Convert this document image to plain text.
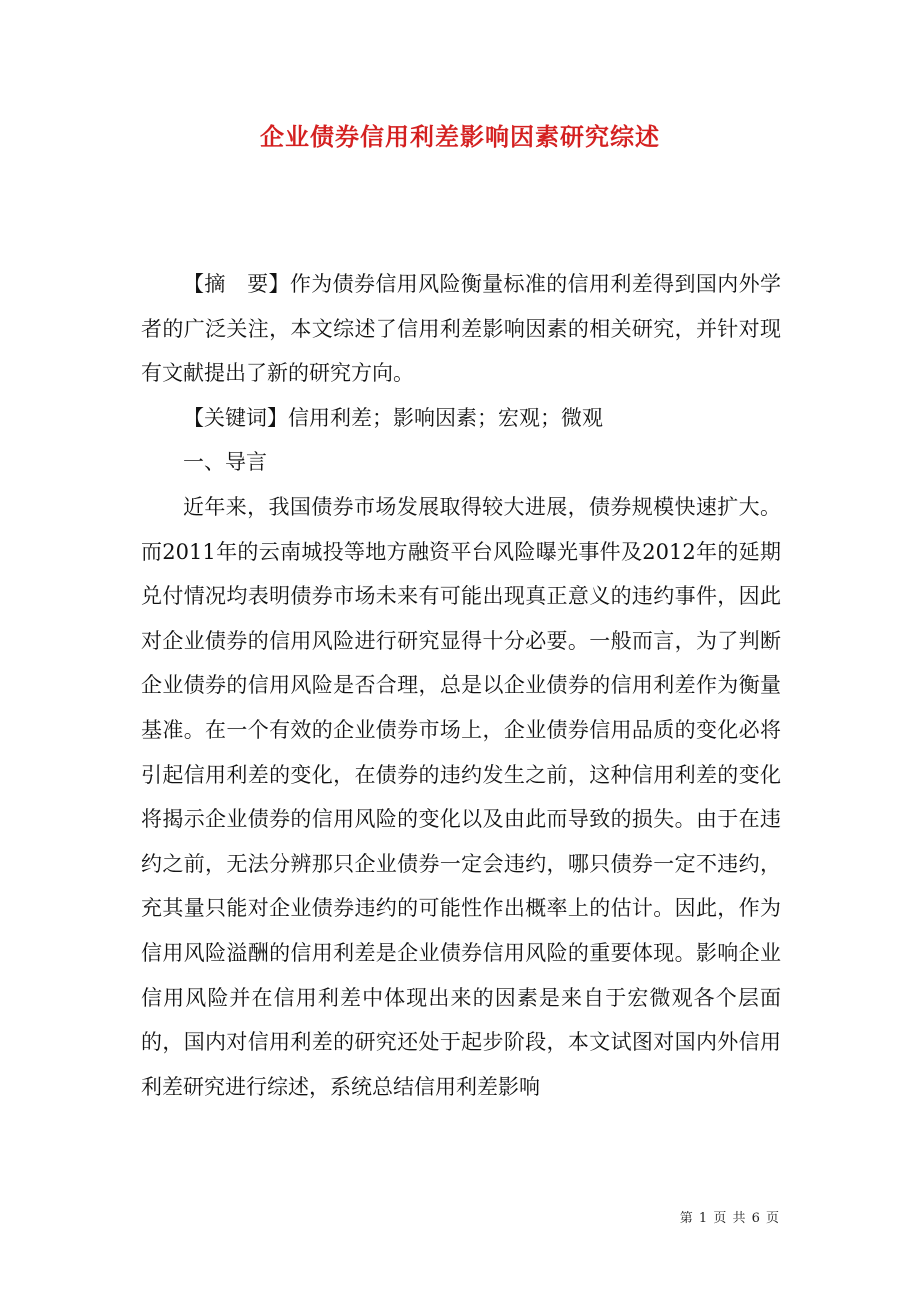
企业债券信用利差影响因素研究综述

【摘　要】作为债券信用风险衡量标准的信用利差得到国内外学者的广泛关注，本文综述了信用利差影响因素的相关研究，并针对现有文献提出了新的研究方向。

【关键词】信用利差；影响因素；宏观；微观

一、导言

近年来，我国债券市场发展取得较大进展，债券规模快速扩大。而2011年的云南城投等地方融资平台风险曝光事件及2012年的延期兑付情况均表明债券市场未来有可能出现真正意义的违约事件，因此对企业债券的信用风险进行研究显得十分必要。一般而言，为了判断企业债券的信用风险是否合理，总是以企业债券的信用利差作为衡量基准。在一个有效的企业债券市场上，企业债券信用品质的变化必将引起信用利差的变化，在债券的违约发生之前，这种信用利差的变化将揭示企业债券的信用风险的变化以及由此而导致的损失。由于在违约之前，无法分辨那只企业债券一定会违约，哪只债券一定不违约，充其量只能对企业债券违约的可能性作出概率上的估计。因此，作为信用风险溢酬的信用利差是企业债券信用风险的重要体现。影响企业信用风险并在信用利差中体现出来的因素是来自于宏微观各个层面的，国内对信用利差的研究还处于起步阶段，本文试图对国内外信用利差研究进行综述，系统总结信用利差影响

第 1 页 共 6 页
